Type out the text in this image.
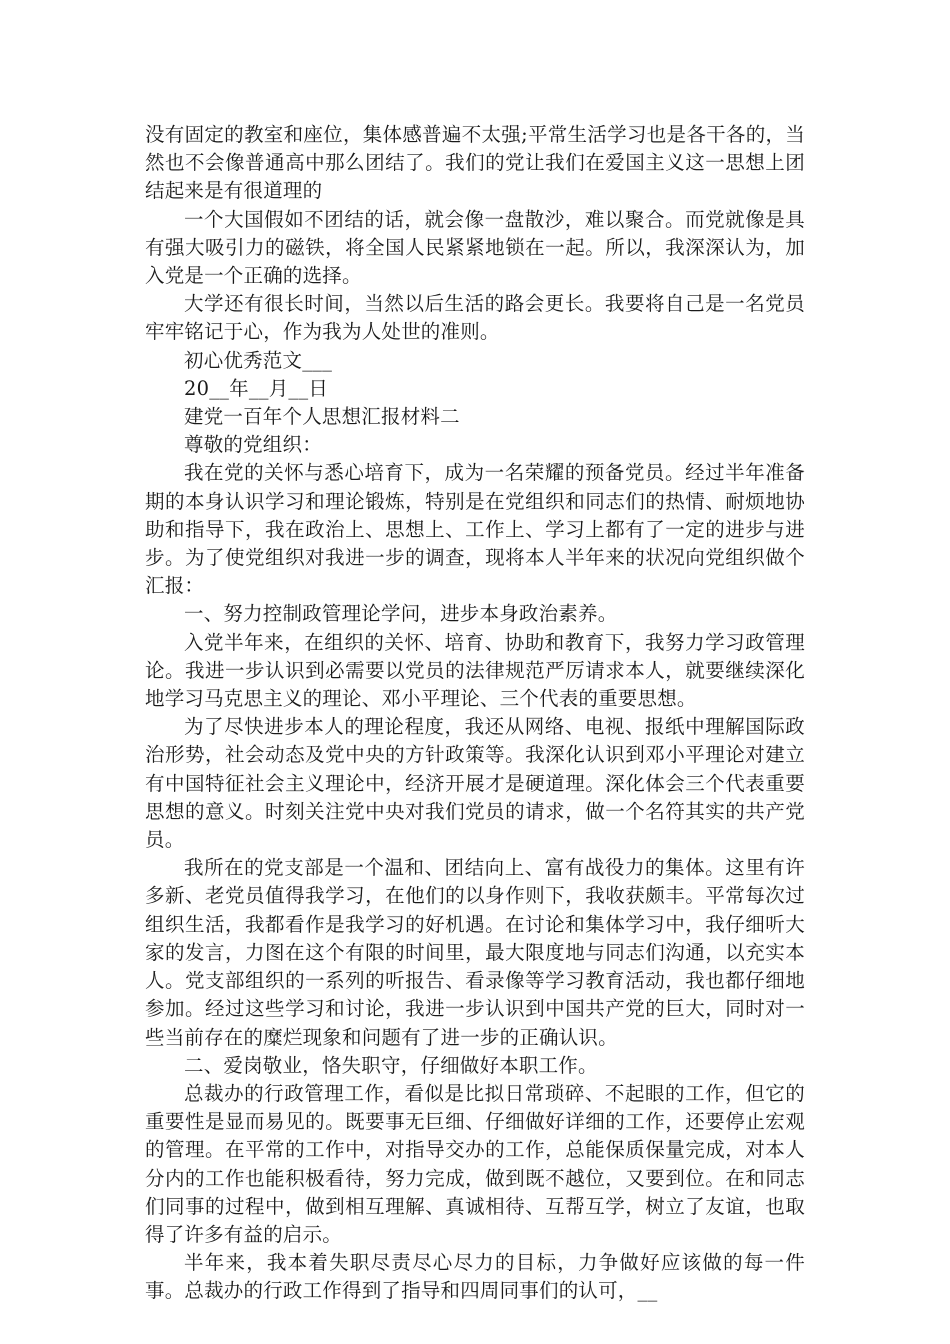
没有固定的教室和座位，集体感普遍不太强;平常生活学习也是各干各的，当然也不会像普通高中那么团结了。我们的党让我们在爱国主义这一思想上团结起来是有很道理的

一个大国假如不团结的话，就会像一盘散沙，难以聚合。而党就像是具有强大吸引力的磁铁，将全国人民紧紧地锁在一起。所以，我深深认为，加入党是一个正确的选择。

大学还有很长时间，当然以后生活的路会更长。我要将自己是一名党员牢牢铭记于心，作为我为人处世的准则。

初心优秀范文___

20__年__月__日

建党一百年个人思想汇报材料二

尊敬的党组织：

我在党的关怀与悉心培育下，成为一名荣耀的预备党员。经过半年准备期的本身认识学习和理论锻炼，特别是在党组织和同志们的热情、耐烦地协助和指导下，我在政治上、思想上、工作上、学习上都有了一定的进步与进步。为了使党组织对我进一步的调查，现将本人半年来的状况向党组织做个汇报：

一、努力控制政管理论学问，进步本身政治素养。

入党半年来，在组织的关怀、培育、协助和教育下，我努力学习政管理论。我进一步认识到必需要以党员的法律规范严厉请求本人，就要继续深化地学习马克思主义的理论、邓小平理论、三个代表的重要思想。

为了尽快进步本人的理论程度，我还从网络、电视、报纸中理解国际政治形势，社会动态及党中央的方针政策等。我深化认识到邓小平理论对建立有中国特征社会主义理论中，经济开展才是硬道理。深化体会三个代表重要思想的意义。时刻关注党中央对我们党员的请求，做一个名符其实的共产党员。

我所在的党支部是一个温和、团结向上、富有战役力的集体。这里有许多新、老党员值得我学习，在他们的以身作则下，我收获颇丰。平常每次过组织生活，我都看作是我学习的好机遇。在讨论和集体学习中，我仔细听大家的发言，力图在这个有限的时间里，最大限度地与同志们沟通，以充实本人。党支部组织的一系列的听报告、看录像等学习教育活动，我也都仔细地参加。经过这些学习和讨论，我进一步认识到中国共产党的巨大，同时对一些当前存在的糜烂现象和问题有了进一步的正确认识。

二、爱岗敬业，恪失职守，仔细做好本职工作。

总裁办的行政管理工作，看似是比拟日常琐碎、不起眼的工作，但它的重要性是显而易见的。既要事无巨细、仔细做好详细的工作，还要停止宏观的管理。在平常的工作中，对指导交办的工作，总能保质保量完成，对本人分内的工作也能积极看待，努力完成，做到既不越位，又要到位。在和同志们同事的过程中，做到相互理解、真诚相待、互帮互学，树立了友谊，也取得了许多有益的启示。

半年来，我本着失职尽责尽心尽力的目标，力争做好应该做的每一件事。总裁办的行政工作得到了指导和四周同事们的认可，__
